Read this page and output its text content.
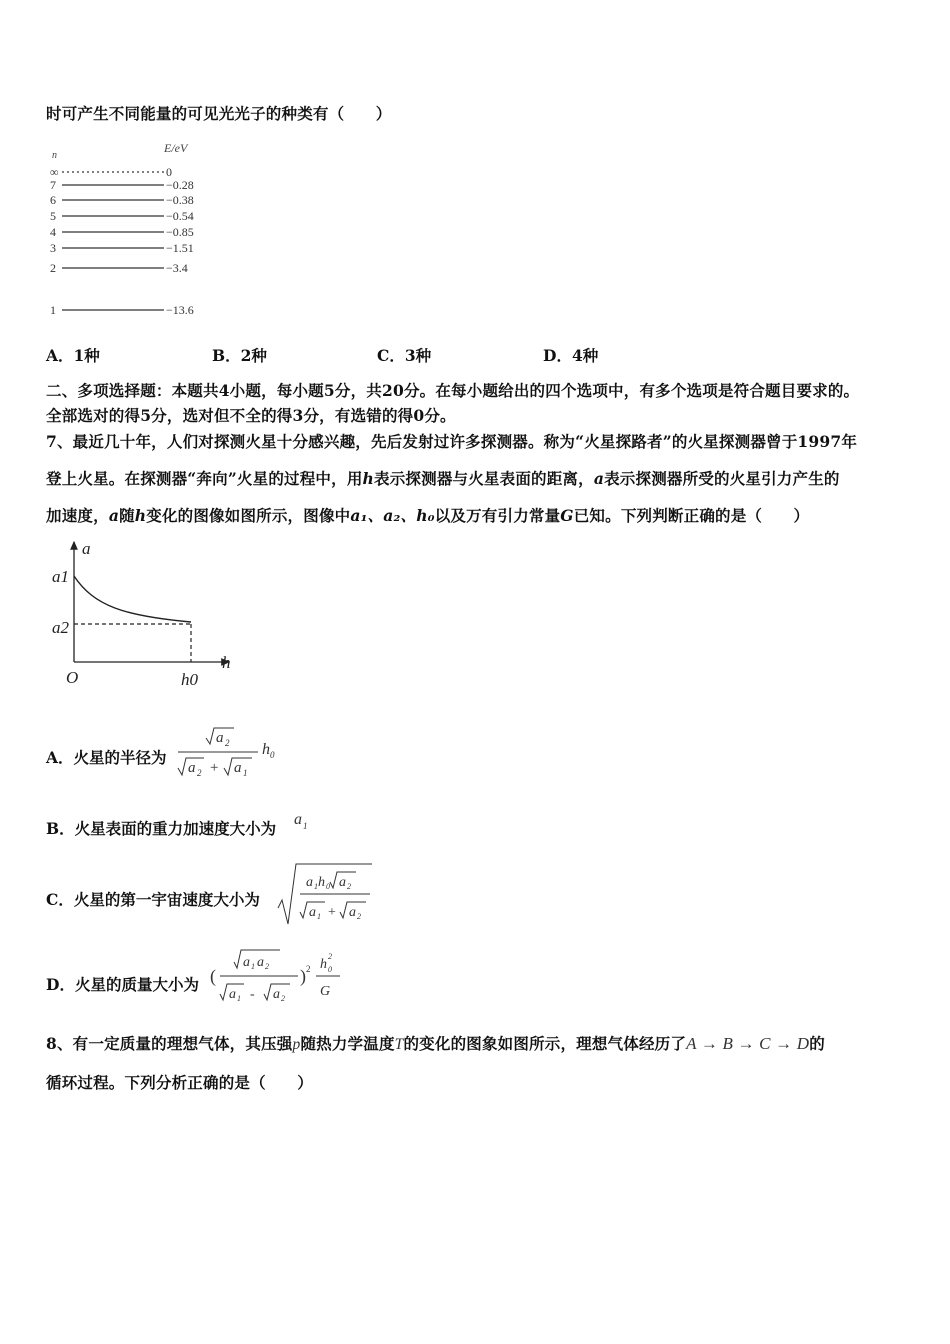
时可产生不同能量的可见光光子的种类有（　　）
n
E/eV
∞	0
7	−0.28
6	−0.38
5	−0.54
4	−0.85
3	−1.51
2	−3.4
1	−13.6
A．1种	B．2种	C．3种	D．4种
二、多项选择题：本题共4小题，每小题5分，共20分。在每小题给出的四个选项中，有多个选项是符合题目要求的。
全部选对的得5分，选对但不全的得3分，有选错的得0分。
7、最近几十年，人们对探测火星十分感兴趣，先后发射过许多探测器。称为“火星探路者”的火星探测器曾于1997年
登上火星。在探测器“奔向”火星的过程中，用h表示探测器与火星表面的距离，a表示探测器所受的火星引力产生的
加速度，a随h变化的图像如图所示，图像中a₁、a₂、h₀以及万有引力常量G已知。下列判断正确的是（　　）
a
h
O
a1
a2
h0
A．火星的半径为
a 2
a 2 + a 1
h 0
B．火星表面的重力加速度大小为 a 1
C．火星的第一宇宙速度大小为
a 1 h 0 a 2
a 1 + a 2
D．火星的质量大小为 (
a 1 a 2
a 1 - a 2
) 2 h 0
2
G
8、有一定质量的理想气体，其压强p随热力学温度T的变化的图象如图所示，理想气体经历了A → B → C → D的
循环过程。下列分析正确的是（　　）
